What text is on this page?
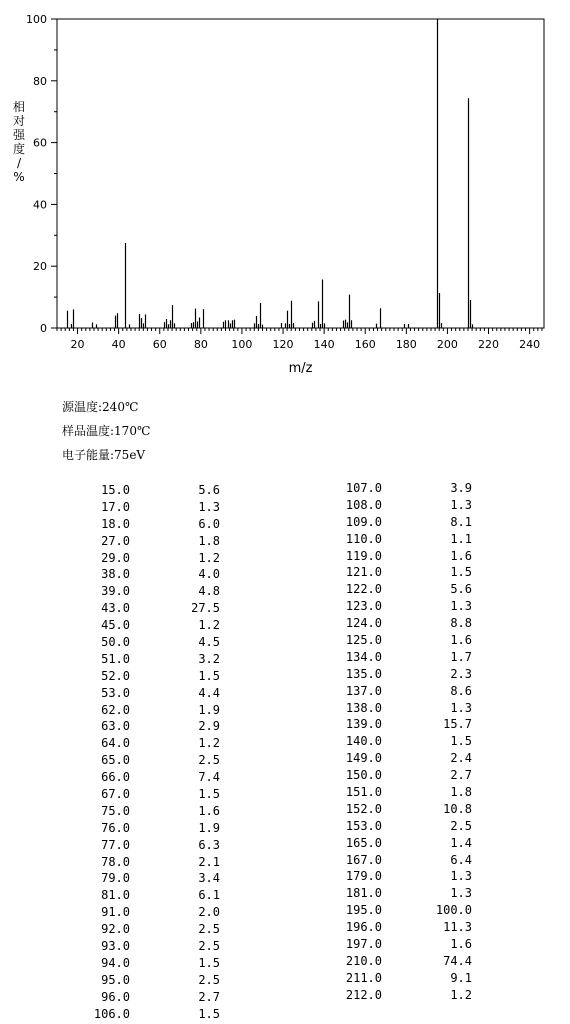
20 40 60 80 100 120 140 160 180 200 220 240
0
20
40
60
80
100
m/z
相
对
强
度
/
%
源温度:240℃
样品温度:170℃
电子能量:75eV
15.0	5.6
17.0	1.3
18.0	6.0
27.0	1.8
29.0	1.2
38.0	4.0
39.0	4.8
43.0	27.5
45.0	1.2
50.0	4.5
51.0	3.2
52.0	1.5
53.0	4.4
62.0	1.9
63.0	2.9
64.0	1.2
65.0	2.5
66.0	7.4
67.0	1.5
75.0	1.6
76.0	1.9
77.0	6.3
78.0	2.1
79.0	3.4
81.0	6.1
91.0	2.0
92.0	2.5
93.0	2.5
94.0	1.5
95.0	2.5
96.0	2.7
106.0	1.5
107.0	3.9
108.0	1.3
109.0	8.1
110.0	1.1
119.0	1.6
121.0	1.5
122.0	5.6
123.0	1.3
124.0	8.8
125.0	1.6
134.0	1.7
135.0	2.3
137.0	8.6
138.0	1.3
139.0	15.7
140.0	1.5
149.0	2.4
150.0	2.7
151.0	1.8
152.0	10.8
153.0	2.5
165.0	1.4
167.0	6.4
179.0	1.3
181.0	1.3
195.0	100.0
196.0	11.3
197.0	1.6
210.0	74.4
211.0	9.1
212.0	1.2
